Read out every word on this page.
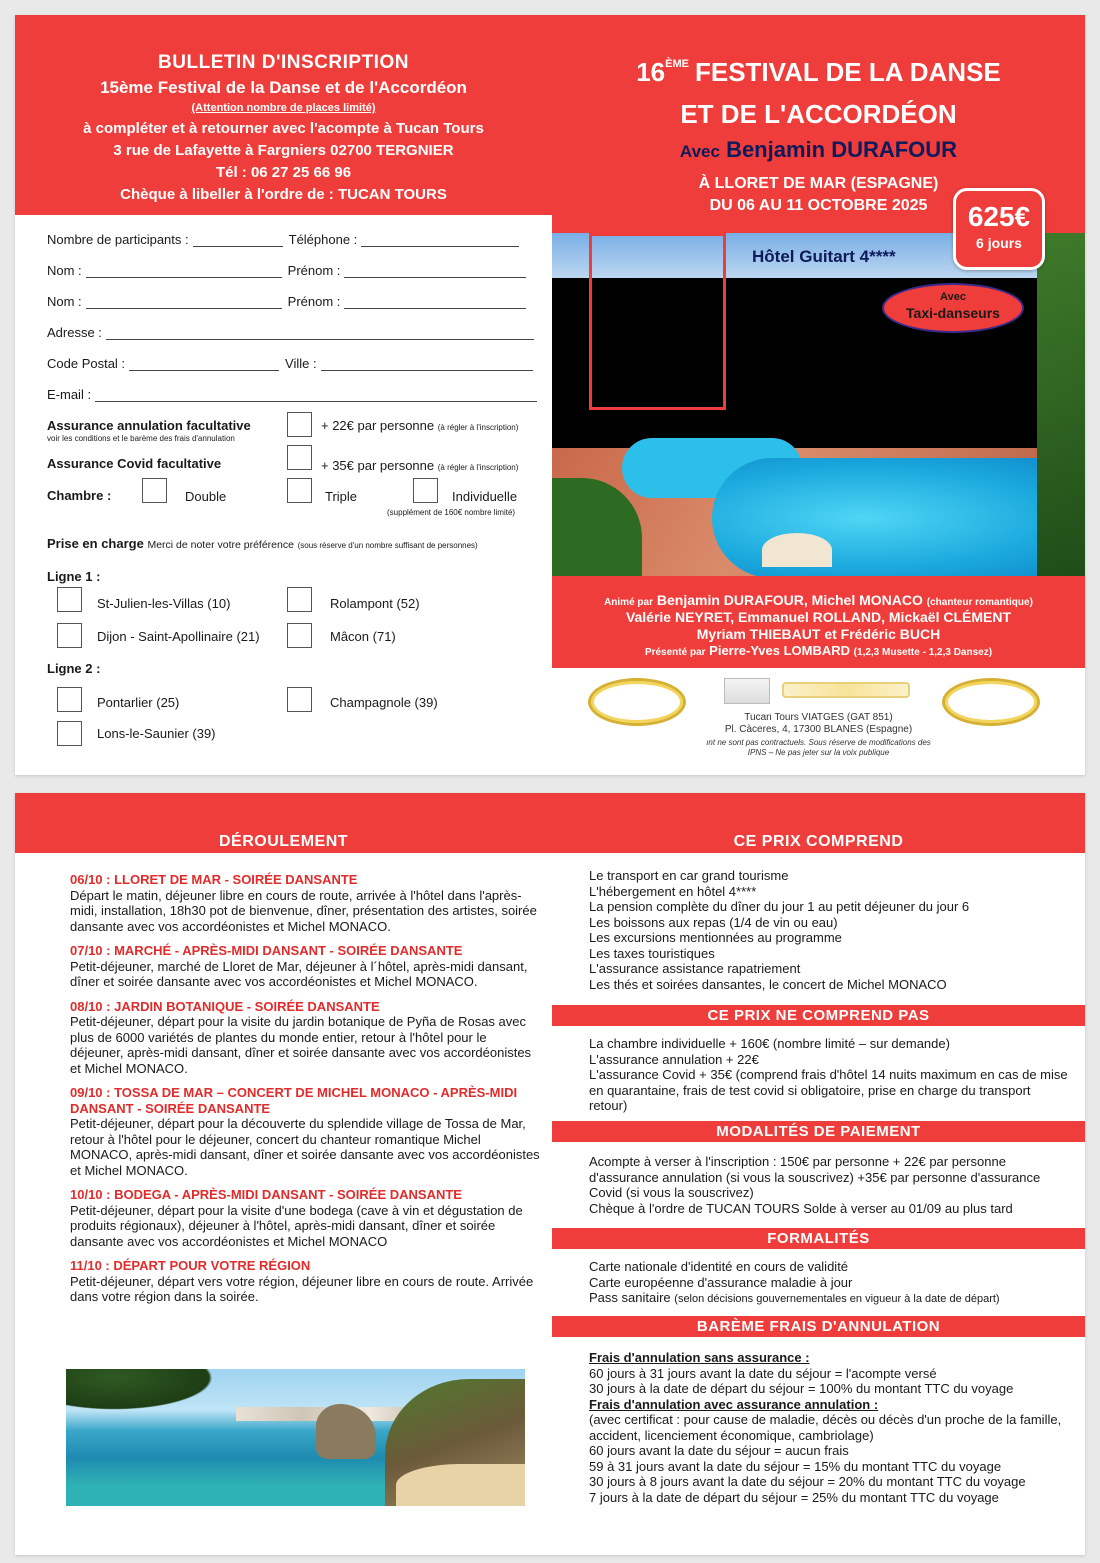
BULLETIN D'INSCRIPTION
15ème Festival de la Danse et de l'Accordéon
(Attention nombre de places limité)
à compléter et à retourner avec l'acompte à Tucan Tours
3 rue de Lafayette à Fargniers 02700 TERGNIER
Tél : 06 27 25 66 96
Chèque à libeller à l'ordre de : TUCAN TOURS
Nombre de participants :	Téléphone :
Nom :	Prénom :
Nom :	Prénom :
Adresse :
Code Postal :	Ville :
E-mail :
Assurance annulation facultative
voir les conditions et le barème des frais d'annulation
+ 22€ par personne (à régler à l'inscription)
Assurance Covid facultative	+ 35€ par personne (à régler à l'inscription)
Chambre :	Double	Triple	Individuelle
(supplément de 160€ nombre limité)
Prise en charge Merci de noter votre préférence (sous réserve d'un nombre suffisant de personnes)
Ligne 1 :
St-Julien-les-Villas (10)	Rolampont (52)
Dijon - Saint-Apollinaire (21)	Mâcon (71)
Ligne 2 :
Pontarlier (25)	Champagnole (39)
Lons-le-Saunier (39)
16ÈME FESTIVAL DE LA DANSE
ET DE L'ACCORDÉON
Avec Benjamin DURAFOUR
À LLORET DE MAR (ESPAGNE)
DU 06 AU 11 OCTOBRE 2025
Hôtel Guitart 4****
Avec
Taxi-danseurs
625€
6 jours
Animé par Benjamin DURAFOUR, Michel MONACO (chanteur romantique)
Valérie NEYRET, Emmanuel ROLLAND, Mickaël CLÉMENT
Myriam THIEBAUT et Frédéric BUCH
Présenté par Pierre-Yves LOMBARD (1,2,3 Musette - 1,2,3 Dansez)
Tucan Tours VIATGES (GAT 851)
Pl. Càceres, 4, 17300 BLANES (Espagne)
ınt ne sont pas contractuels. Sous réserve de modifications des
IPNS – Ne pas jeter sur la voix publique
DÉROULEMENT	CE PRIX COMPREND
06/10 : LLORET DE MAR - SOIRÉE DANSANTE
Départ le matin, déjeuner libre en cours de route, arrivée à l'hôtel dans l'après-midi, installation, 18h30 pot de bienvenue, dîner, présentation des artistes, soirée dansante avec vos accordéonistes et Michel MONACO.
07/10 : MARCHÉ - APRÈS-MIDI DANSANT - SOIRÉE DANSANTE
Petit-déjeuner, marché de Lloret de Mar, déjeuner à l´hôtel, après-midi dansant, dîner et soirée dansante avec vos accordéonistes et Michel MONACO.
08/10 : JARDIN BOTANIQUE - SOIRÉE DANSANTE
Petit-déjeuner, départ pour la visite du jardin botanique de Pyña de Rosas avec plus de 6000 variétés de plantes du monde entier, retour à l'hôtel pour le déjeuner, après-midi dansant, dîner et soirée dansante avec vos accordéonistes et Michel MONACO.
09/10 : TOSSA DE MAR – CONCERT DE MICHEL MONACO - APRÈS-MIDI DANSANT - SOIRÉE DANSANTE
Petit-déjeuner, départ pour la découverte du splendide village de Tossa de Mar, retour à l'hôtel pour le déjeuner, concert du chanteur romantique Michel MONACO, après-midi dansant, dîner et soirée dansante avec vos accordéonistes et Michel MONACO.
10/10 : BODEGA - APRÈS-MIDI DANSANT - SOIRÉE DANSANTE
Petit-déjeuner, départ pour la visite d'une bodega (cave à vin et dégustation de produits régionaux), déjeuner à l'hôtel, après-midi dansant, dîner et soirée dansante avec vos accordéonistes et Michel MONACO
11/10 : DÉPART POUR VOTRE RÉGION
Petit-déjeuner, départ vers votre région, déjeuner libre en cours de route. Arrivée dans votre région dans la soirée.
Le transport en car grand tourisme
L'hébergement en hôtel 4****
La pension complète du dîner du jour 1 au petit déjeuner du jour 6
Les boissons aux repas (1/4 de vin ou eau)
Les excursions mentionnées au programme
Les taxes touristiques
L'assurance assistance rapatriement
Les thés et soirées dansantes, le concert de Michel MONACO
CE PRIX NE COMPREND PAS
La chambre individuelle + 160€ (nombre limité – sur demande)
L'assurance annulation + 22€
L'assurance Covid + 35€ (comprend frais d'hôtel 14 nuits maximum en cas de mise en quarantaine, frais de test covid si obligatoire, prise en charge du transport retour)
MODALITÉS DE PAIEMENT
Acompte à verser à l'inscription : 150€ par personne + 22€ par personne d'assurance annulation (si vous la souscrivez) +35€ par personne d'assurance Covid (si vous la souscrivez)
Chèque à l'ordre de TUCAN TOURS Solde à verser au 01/09 au plus tard
FORMALITÉS
Carte nationale d'identité en cours de validité
Carte européenne d'assurance maladie à jour
Pass sanitaire (selon décisions gouvernementales en vigueur à la date de départ)
BARÈME FRAIS D'ANNULATION
Frais d'annulation sans assurance :
60 jours à 31 jours avant la date du séjour = l'acompte versé
30 jours à la date de départ du séjour = 100% du montant TTC du voyage
Frais d'annulation avec assurance annulation :
(avec certificat : pour cause de maladie, décès ou décès d'un proche de la famille, accident, licenciement économique, cambriolage)
60 jours avant la date du séjour = aucun frais
59 à 31 jours avant la date du séjour = 15% du montant TTC du voyage
30 jours à 8 jours avant la date du séjour = 20% du montant TTC du voyage
7 jours à la date de départ du séjour = 25% du montant TTC du voyage
